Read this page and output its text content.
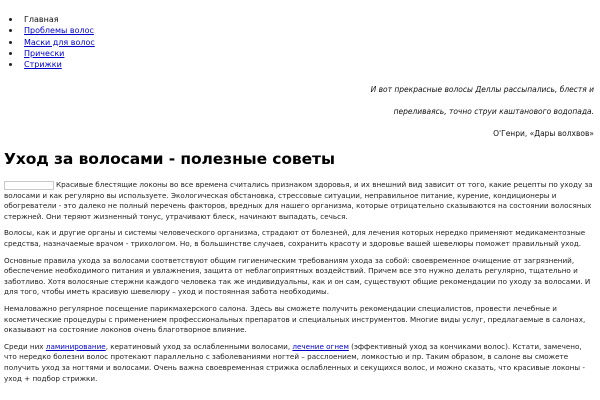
Главная
Проблемы волос
Маски для волос
Прически
Стрижки
И вот прекрасные волосы Деллы рассыпались, блестя и
переливаясь, точно струи каштанового водопада.
О'Генри, «Дары волхвов»
Уход за волосами - полезные советы

Красивые блестящие локоны во все времена считались признаком здоровья, и их внешний вид зависит от того, какие рецепты по уходу за волосами и как регулярно вы используете. Экологическая обстановка, стрессовые ситуации, неправильное питание, курение, кондиционеры и обогреватели - это далеко не полный перечень факторов, вредных для нашего организма, которые отрицательно сказываются на состоянии волосяных стержней. Они теряют жизненный тонус, утрачивают блеск, начинают выпадать, сечься.

Волосы, как и другие органы и системы человеческого организма, страдают от болезней, для лечения которых нередко применяют медикаментозные средства, назначаемые врачом - трихологом. Но, в большинстве случаев, сохранить красоту и здоровье вашей шевелюры поможет правильный уход.

Основные правила ухода за волосами соответствуют общим гигиеническим требованиям ухода за собой: своевременное очищение от загрязнений, обеспечение необходимого питания и увлажнения, защита от неблагоприятных воздействий. Причем все это нужно делать регулярно, тщательно и заботливо. Хотя волосяные стержни каждого человека так же индивидуальны, как и он сам, существуют общие рекомендации по уходу за волосами. И для того, чтобы иметь красивую шевелюру – уход и постоянная забота необходимы.

Немаловажно регулярное посещение парикмахерского салона. Здесь вы сможете получить рекомендации специалистов, провести лечебные и косметические процедуры с применением профессиональных препаратов и специальных инструментов. Многие виды услуг, предлагаемые в салонах, оказывают на состояние локонов очень благотворное влияние.

Среди них ламинирование, кератиновый уход за ослабленными волосами, лечение огнем (эффективный уход за кончиками волос). Кстати, замечено, что нередко болезни волос протекают параллельно с заболеваниями ногтей – расслоением, ломкостью и пр. Таким образом, в салоне вы сможете получить уход за ногтями и волосами. Очень важна своевременная стрижка ослабленных и секущихся волос, и можно сказать, что красивые локоны - уход + подбор стрижки.
